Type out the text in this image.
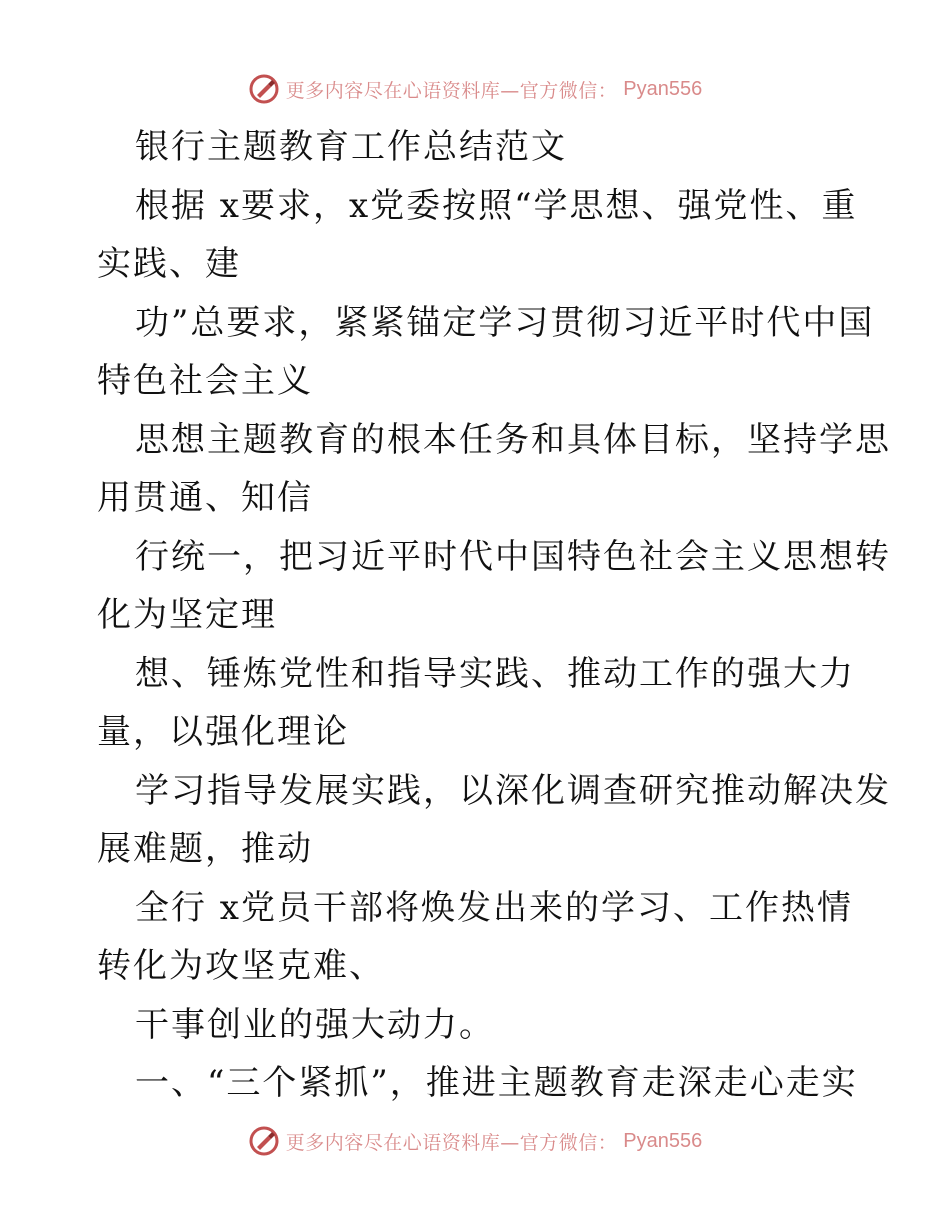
更多内容尽在心语资料库—官方微信： Pyan556
银行主题教育工作总结范文
根据 x要求，x党委按照“学思想、强党性、重
实践、建
功”总要求，紧紧锚定学习贯彻习近平时代中国
特色社会主义
思想主题教育的根本任务和具体目标，坚持学思
用贯通、知信
行统一，把习近平时代中国特色社会主义思想转
化为坚定理
想、锤炼党性和指导实践、推动工作的强大力
量，以强化理论
学习指导发展实践，以深化调查研究推动解决发
展难题，推动
全行 x党员干部将焕发出来的学习、工作热情
转化为攻坚克难、
干事创业的强大动力。
一、“三个紧抓”，推进主题教育走深走心走实
更多内容尽在心语资料库—官方微信： Pyan556
